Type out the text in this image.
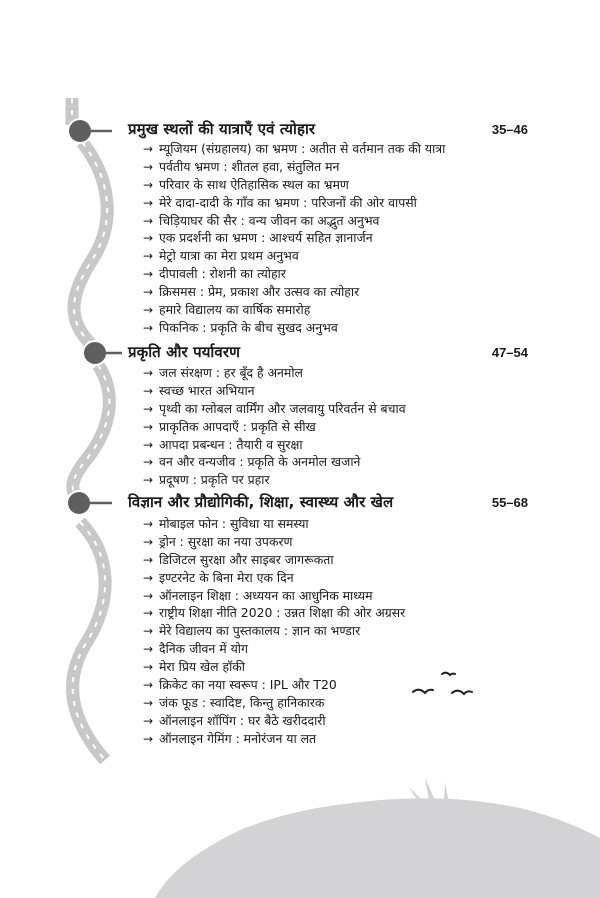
प्रमुख स्थलों की यात्राएँ एवं त्योहार	35–46
→ म्यूजियम (संग्रहालय) का भ्रमण : अतीत से वर्तमान तक की यात्रा
→ पर्वतीय भ्रमण : शीतल हवा, संतुलित मन
→ परिवार के साथ ऐतिहासिक स्थल का भ्रमण
→ मेरे दादा-दादी के गाँव का भ्रमण : परिजनों की ओर वापसी
→ चिड़ियाघर की सैर : वन्य जीवन का अद्भुत अनुभव
→ एक प्रदर्शनी का भ्रमण : आश्चर्य सहित ज्ञानार्जन
→ मेट्रो यात्रा का मेरा प्रथम अनुभव
→ दीपावली : रोशनी का त्योहार
→ क्रिसमस : प्रेम, प्रकाश और उत्सव का त्योहार
→ हमारे विद्यालय का वार्षिक समारोह
→ पिकनिक : प्रकृति के बीच सुखद अनुभव
प्रकृति और पर्यावरण	47–54
→ जल संरक्षण : हर बूँद है अनमोल
→ स्वच्छ भारत अभियान
→ पृथ्वी का ग्लोबल वार्मिंग और जलवायु परिवर्तन से बचाव
→ प्राकृतिक आपदाएँ : प्रकृति से सीख
→ आपदा प्रबन्धन : तैयारी व सुरक्षा
→ वन और वन्यजीव : प्रकृति के अनमोल खजाने
→ प्रदूषण : प्रकृति पर प्रहार
विज्ञान और प्रौद्योगिकी, शिक्षा, स्वास्थ्य और खेल	55–68
→ मोबाइल फोन : सुविधा या समस्या
→ ड्रोन : सुरक्षा का नया उपकरण
→ डिजिटल सुरक्षा और साइबर जागरूकता
→ इण्टरनेट के बिना मेरा एक दिन
→ ऑनलाइन शिक्षा : अध्ययन का आधुनिक माध्यम
→ राष्ट्रीय शिक्षा नीति 2020 : उन्नत शिक्षा की ओर अग्रसर
→ मेरे विद्यालय का पुस्तकालय : ज्ञान का भण्डार
→ दैनिक जीवन में योग
→ मेरा प्रिय खेल हॉकी
→ क्रिकेट का नया स्वरूप : IPL और T20
→ जंक फूड : स्वादिष्ट, किन्तु हानिकारक
→ ऑनलाइन शॉपिंग : घर बैठे खरीददारी
→ ऑनलाइन गेमिंग : मनोरंजन या लत
